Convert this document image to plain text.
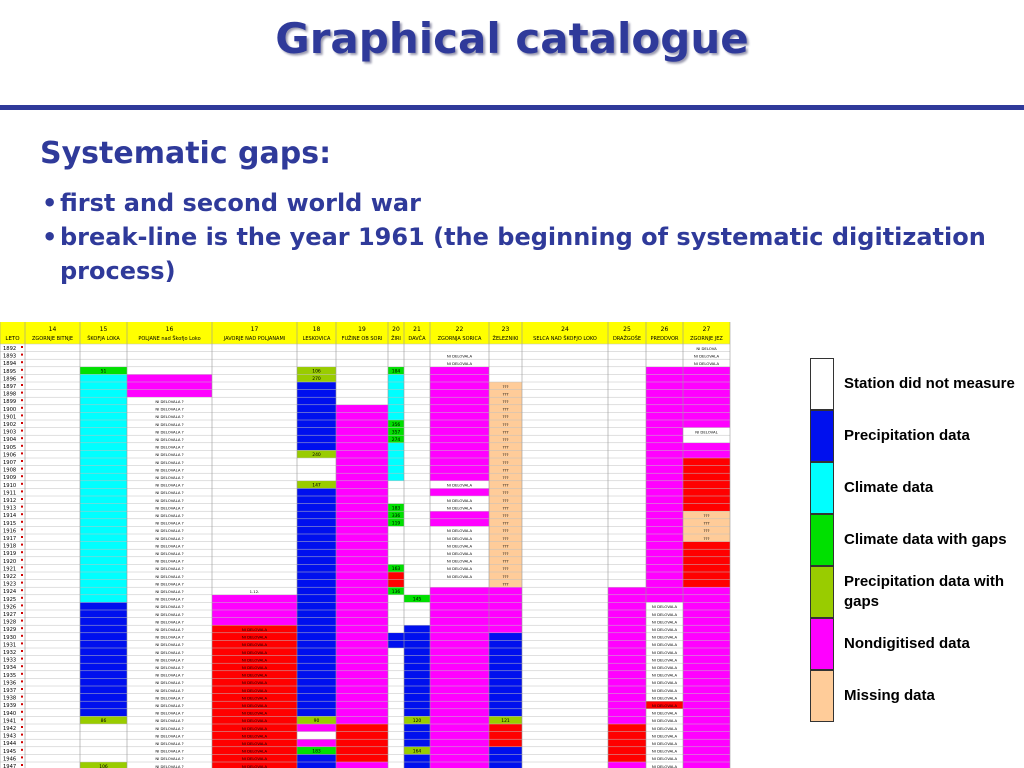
Graphical catalogue
Systematic gaps:
• first and second world war
• break-line is the year 1961 (the beginning of systematic digitization process)
LETO
14
ZGORNJE BITNJE
15
ŠKOFJA LOKA
16
POLJANE nad Škofjo Loko
17
JAVORJE NAD POLJANAMI
18
LESKOVICA
19
FUŽINE OB SORI
20
ŽIRI
21
DAVČA
22
ZGORNJA SORICA
23
ŽELEZNIKI
24
SELCA NAD ŠKOFJO LOKO
25
DRAŽGOŠE
26
PREDDVOR
27
ZGORNJE JEZ
86
106
51	106
270
240
147
90
183
184
356
357
274
183
336
119
163
136
145
120
164
121
1892
1893
1894
1895
1896
1897
1898
1899
1900
1901
1902
1903
1904
1905
1906
1907
1908
1909
1910
1911
1912
1913
1914
1915
1916
1917
1918
1919
1920
1921
1922
1923
1924
1925
1926
1927
1928
1929
1930
1931
1932
1933
1934
1935
1936
1937
1938
1939
1940
1941
1942
1943
1944
1945
1946
1947
NI DELOVALA ?
NI DELOVALA ?
NI DELOVALA ?
NI DELOVALA ?
NI DELOVALA ?
NI DELOVALA ?
NI DELOVALA ?
NI DELOVALA ?
NI DELOVALA ?
NI DELOVALA ?
NI DELOVALA ?
NI DELOVALA ?
NI DELOVALA ?
NI DELOVALA ?
NI DELOVALA ?
NI DELOVALA ?
NI DELOVALA ?
NI DELOVALA ?
NI DELOVALA ?
NI DELOVALA ?
NI DELOVALA ?
NI DELOVALA ?
NI DELOVALA ?
NI DELOVALA ?
NI DELOVALA ?
NI DELOVALA ?
NI DELOVALA ?
NI DELOVALA ?
NI DELOVALA ?
NI DELOVALA ?
NI DELOVALA ?
NI DELOVALA ?
NI DELOVALA ?
NI DELOVALA ?
NI DELOVALA ?
NI DELOVALA ?
NI DELOVALA ?
NI DELOVALA ?
NI DELOVALA ?
NI DELOVALA ?
NI DELOVALA ?
NI DELOVALA ?
NI DELOVALA ?
NI DELOVALA ?
NI DELOVALA ?
NI DELOVALA ?
NI DELOVALA ?
NI DELOVALA ?
NI DELOVALA ?
NI DELOVALA
NI DELOVALA
NI DELOVALA
NI DELOVALA
NI DELOVALA
NI DELOVALA
NI DELOVALA
NI DELOVALA
NI DELOVALA
NI DELOVALA
NI DELOVALA
NI DELOVALA
NI DELOVALA
NI DELOVALA
NI DELOVALA
NI DELOVALA
NI DELOVALA
NI DELOVALA
NI DELOVALA
NI DELOVALA
NI DELOVALA
NI DELOVALA
NI DELOVALA
NI DELOVALA
NI DELOVALA
NI DELOVALA
NI DELOVALA
NI DELOVALA
NI DELOVALA
NI DELOVALA
NI DELOVALA
NI DELOVALA
NI DELOVALA
NI DELOVALA
NI DELOVALA
NI DELOVALA
NI DELOVALA
NI DELOVALA
NI DELOVALA
NI DELOVALA
NI DELOVALA
???
???
???
???
???
???
???
???
???
???
???
???
???
???
???
???
???
???
???
???
???
???
???
???
???
???
???
???
???
???
???
NI DELOVALA
NI DELOVALA
NI DELOVA
NI DELOVAL
NI DELOVALA
NI DELOVALA
NI DELOVALA
NI DELOVALA
NI DELOVALA
NI DELOVALA
NI DELOVALA
NI DELOVALA
NI DELOVALA
NI DELOVALA
NI DELOVALA
NI DELOVALA
1.12.
Station did not measure
Precipitation data
Climate data
Climate data with gaps
Precipitation data with gaps
Nondigitised data
Missing data
